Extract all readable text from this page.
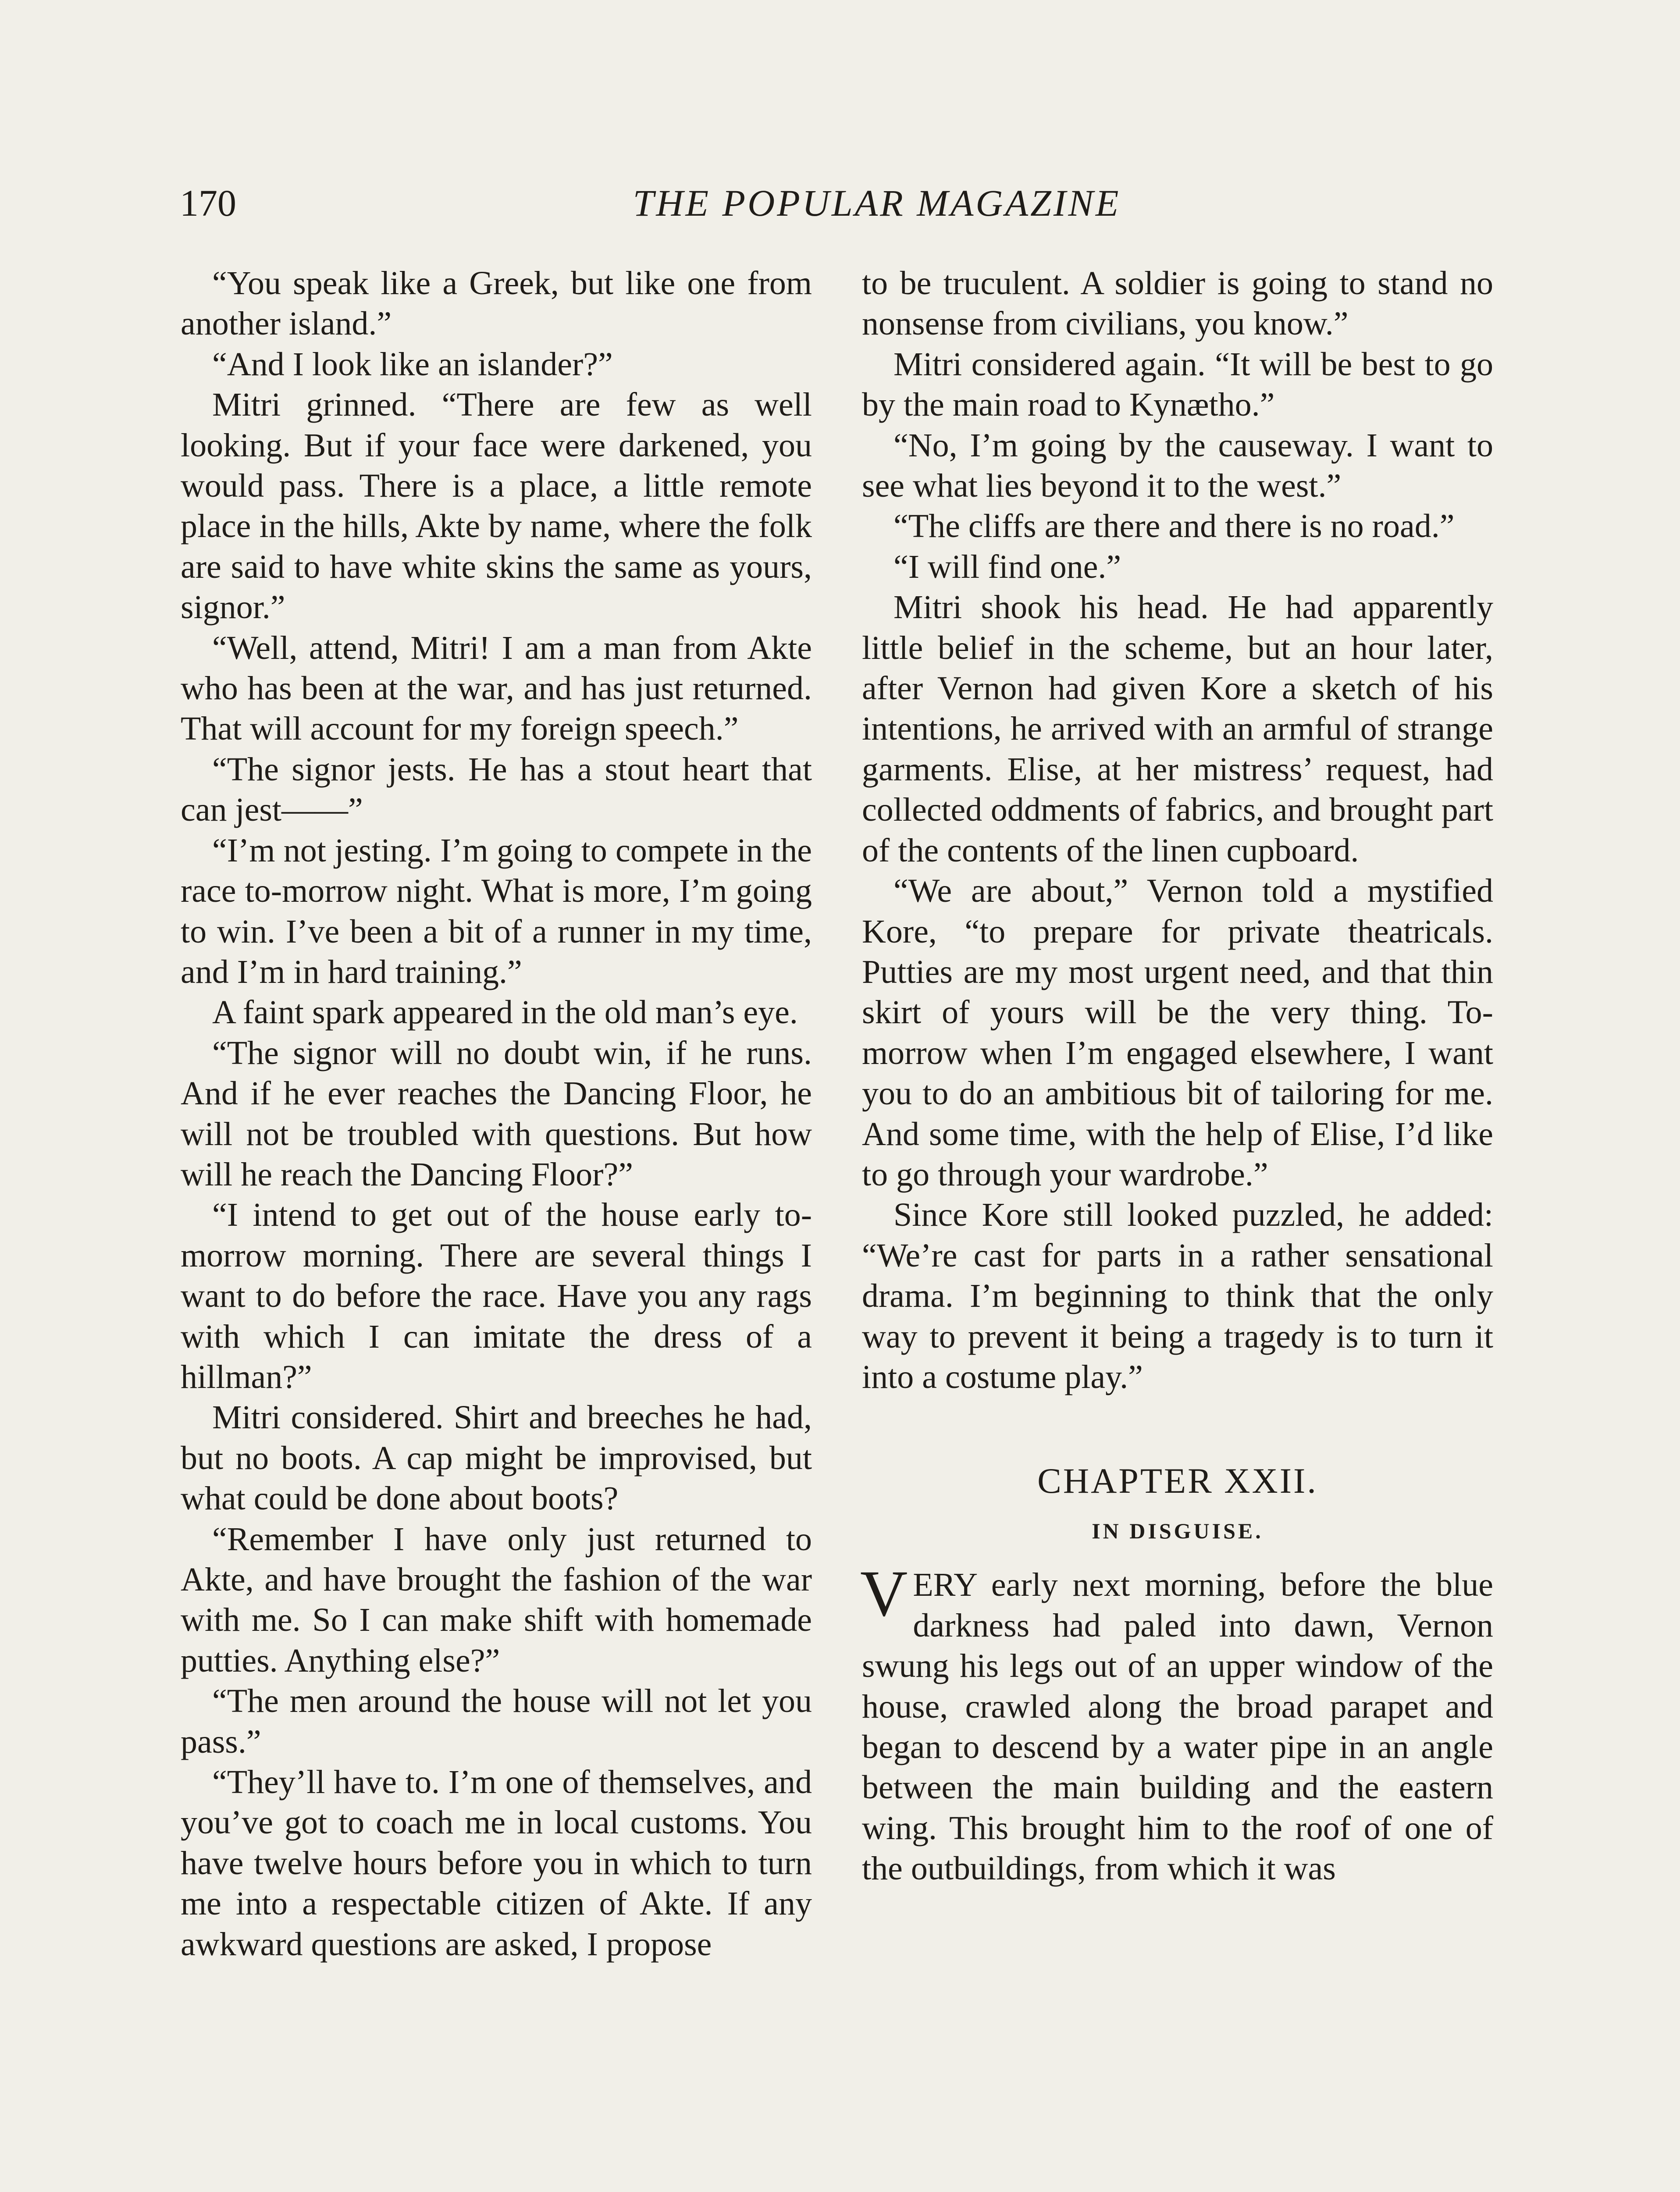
170	THE POPULAR MAGAZINE

“You speak like a Greek, but like one from another island.”

“And I look like an islander?”

Mitri grinned. “There are few as well looking. But if your face were darkened, you would pass. There is a place, a little remote place in the hills, Akte by name, where the folk are said to have white skins the same as yours, signor.”

“Well, attend, Mitri! I am a man from Akte who has been at the war, and has just returned. That will account for my foreign speech.”

“The signor jests. He has a stout heart that can jest——”

“I’m not jesting. I’m going to compete in the race to-morrow night. What is more, I’m going to win. I’ve been a bit of a runner in my time, and I’m in hard training.”

A faint spark appeared in the old man’s eye.

“The signor will no doubt win, if he runs. And if he ever reaches the Dancing Floor, he will not be troubled with questions. But how will he reach the Dancing Floor?”

“I intend to get out of the house early to-morrow morning. There are several things I want to do before the race. Have you any rags with which I can imitate the dress of a hillman?”

Mitri considered. Shirt and breeches he had, but no boots. A cap might be improvised, but what could be done about boots?

“Remember I have only just returned to Akte, and have brought the fashion of the war with me. So I can make shift with homemade putties. Anything else?”

“The men around the house will not let you pass.”

“They’ll have to. I’m one of themselves, and you’ve got to coach me in local customs. You have twelve hours before you in which to turn me into a respectable citizen of Akte. If any awkward questions are asked, I propose

to be truculent. A soldier is going to stand no nonsense from civilians, you know.”

Mitri considered again. “It will be best to go by the main road to Kynætho.”

“No, I’m going by the causeway. I want to see what lies beyond it to the west.”

“The cliffs are there and there is no road.”

“I will find one.”

Mitri shook his head. He had apparently little belief in the scheme, but an hour later, after Vernon had given Kore a sketch of his intentions, he arrived with an armful of strange garments. Elise, at her mistress’ request, had collected oddments of fabrics, and brought part of the contents of the linen cupboard.

“We are about,” Vernon told a mystified Kore, “to prepare for private theatricals. Putties are my most urgent need, and that thin skirt of yours will be the very thing. To-morrow when I’m engaged elsewhere, I want you to do an ambitious bit of tailoring for me. And some time, with the help of Elise, I’d like to go through your wardrobe.”

Since Kore still looked puzzled, he added: “We’re cast for parts in a rather sensational drama. I’m beginning to think that the only way to prevent it being a tragedy is to turn it into a costume play.”

CHAPTER XXII.
IN DISGUISE.

VERY early next morning, before the blue darkness had paled into dawn, Vernon swung his legs out of an upper window of the house, crawled along the broad parapet and began to descend by a water pipe in an angle between the main building and the eastern wing. This brought him to the roof of one of the outbuildings, from which it was
